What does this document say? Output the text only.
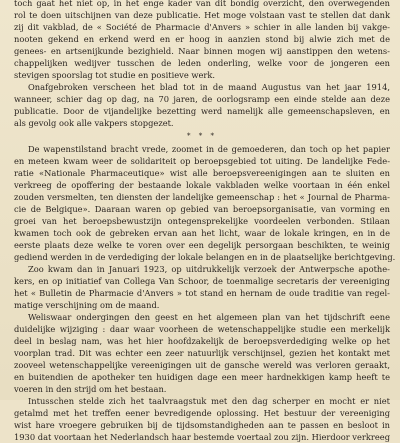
toch gaat het niet op, in het enge kader van dit bondig overzicht, den overwegenden
rol te doen uitschijnen van deze publicatie. Het moge volstaan vast te stellen dat dank
zij dit vakblad, de « Société de Pharmacie d'Anvers » schier in alle landen bij vakge-
nooten gekend en erkend werd en er hoog in aanzien stond bij alwie zich met de
genees- en artsenijkunde bezighield. Naar binnen mogen wij aanstippen den wetens-
chappelijken wedijver tusschen de leden onderling, welke voor de jongeren een
stevigen spoorslag tot studie en positieve werk.

Onafgebroken verscheen het blad tot in de maand Augustus van het jaar 1914,
wanneer, schier dag op dag, na 70 jaren, de oorlogsramp een einde stelde aan deze
publicatie. Door de vijandelijke bezetting werd namelijk alle gemeenschapsleven, en
als gevolg ook alle vakpers stopgezet.

* * *

De wapenstilstand bracht vrede, zoomet in de gemoederen, dan toch op het papier
en meteen kwam weer de solidariteit op beroepsgebied tot uiting. De landelijke Fede-
ratie «Nationale Pharmaceutique» wist alle beroepsvereenigingen aan te sluiten en
verkreeg de opoffering der bestaande lokale vakbladen welke voortaan in één enkel
zouden versmelten, ten diensten der landelijke gemeenschap : het « Journal de Pharma-
cie de Belgique». Daaraan waren op gebied van beroepsorganisatie, van vorming en
groei van het beroepsbewustzijn ontegensprekelijke voordeelen verbonden. Stilaan
kwamen toch ook de gebreken ervan aan het licht, waar de lokale kringen, en in de
eerste plaats deze welke te voren over een degelijk persorgaan beschikten, te weinig
gediend werden in de verdediging der lokale belangen en in de plaatselijke berichtgeving.

Zoo kwam dan in Januari 1923, op uitdrukkelijk verzoek der Antwerpsche apothe-
kers, en op initiatief van Collega Van Schoor, de toenmalige secretaris der vereeniging
het « Bulletin de Pharmacie d'Anvers » tot stand en hernam de oude traditie van regel-
matige verschijning om de maand.

Weliswaar ondergingen den geest en het algemeen plan van het tijdschrift eene
duidelijke wijziging : daar waar voorheen de wetenschappelijke studie een merkelijk
deel in beslag nam, was het hier hoofdzakelijk de beroepsverdediging welke op het
voorplan trad. Dit was echter een zeer natuurlijk verschijnsel, gezien het kontakt met
zooveel wetenschappelijke vereenigingen uit de gansche wereld was verloren geraakt,
en buitendien de apotheker ten huidigen dage een meer hardnekkigen kamp heeft te
voeren in den strijd om het bestaan.

Intusschen stelde zich het taalvraagstuk met den dag scherper en mocht er niet
getalmd met het treffen eener bevredigende oplossing. Het bestuur der vereeniging
wist hare vroegere gebruiken bij de tijdsomstandigheden aan te passen en besloot in
1930 dat voortaan het Nederlandsch haar bestemde voertaal zou zijn. Hierdoor verkreeg
